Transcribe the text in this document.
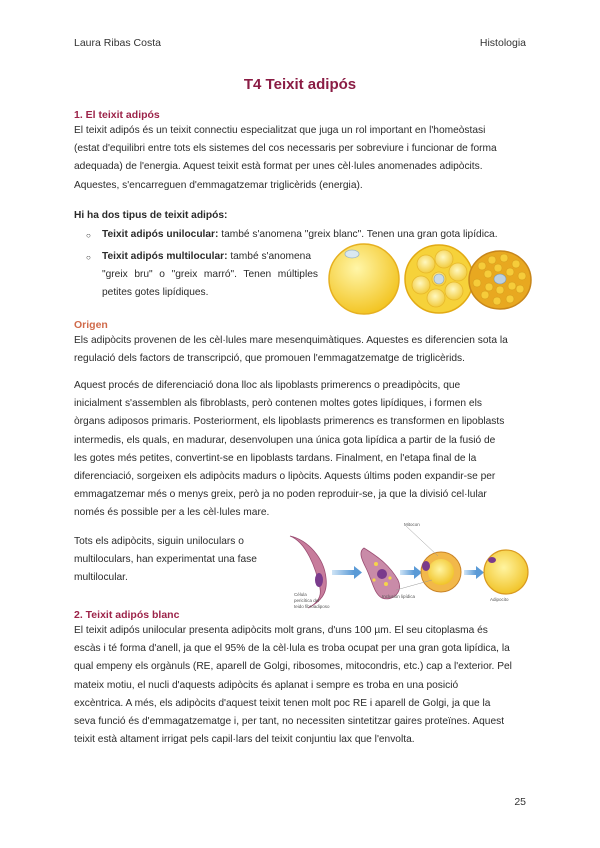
Laura Ribas Costa	Histologia
T4 Teixit adipós
1. El teixit adipós
El teixit adipós és un teixit connectiu especialitzat que juga un rol important en l'homeòstasi
(estat d'equilibri entre tots els sistemes del cos necessaris per sobreviure i funcionar de forma
adequada) de l'energia. Aquest teixit està format per unes cèl·lules anomenades adipòcits.
Aquestes, s'encarreguen d'emmagatzemar triglicèrids (energia).
Hi ha dos tipus de teixit adipós:
○ Teixit adipós unilocular: també s'anomena "greix blanc". Tenen una gran gota lipídica.
○ Teixit adipós multilocular: també s'anomena
"greix bru" o "greix marró". Tenen múltiples
petites gotes lipídiques.
Origen
Els adipòcits provenen de les cèl·lules mare mesenquimàtiques. Aquestes es diferencien sota la
regulació dels factors de transcripció, que promouen l'emmagatzematge de triglicèrids.
Aquest procés de diferenciació dona lloc als lipoblasts primerencs o preadipòcits, que
inicialment s'assemblen als fibroblasts, però contenen moltes gotes lipídiques, i formen els
òrgans adiposos primaris. Posteriorment, els lipoblasts primerencs es transformen en lipoblasts
intermedis, els quals, en madurar, desenvolupen una única gota lipídica a partir de la fusió de
les gotes més petites, convertint-se en lipoblasts tardans. Finalment, en l'etapa final de la
diferenciació, sorgeixen els adipòcits madurs o lipòcits. Aquests últims poden expandir-se per
emmagatzemar més o menys greix, però ja no poden reproduir-se, ja que la divisió cel·lular
només és possible per a les cèl·lules mare.
Tots els adipòcits, siguin uniloculars o
multiloculars, han experimentat una fase
multilocular.
Mitocon
Inclusión lipídica
Adipocito
Célula
pericítica del
teido fibroadiposo
2. Teixit adipós blanc
El teixit adipós unilocular presenta adipòcits molt grans, d'uns 100 µm. El seu citoplasma és
escàs i té forma d'anell, ja que el 95% de la cèl·lula es troba ocupat per una gran gota lipídica, la
qual empeny els orgànuls (RE, aparell de Golgi, ribosomes, mitocondris, etc.) cap a l'exterior. Pel
mateix motiu, el nucli d'aquests adipòcits és aplanat i sempre es troba en una posició
excèntrica. A més, els adipòcits d'aquest teixit tenen molt poc RE i aparell de Golgi, ja que la
seva funció és d'emmagatzematge i, per tant, no necessiten sintetitzar gaires proteïnes. Aquest
teixit està altament irrigat pels capil·lars del teixit conjuntiu lax que l'envolta.
25
